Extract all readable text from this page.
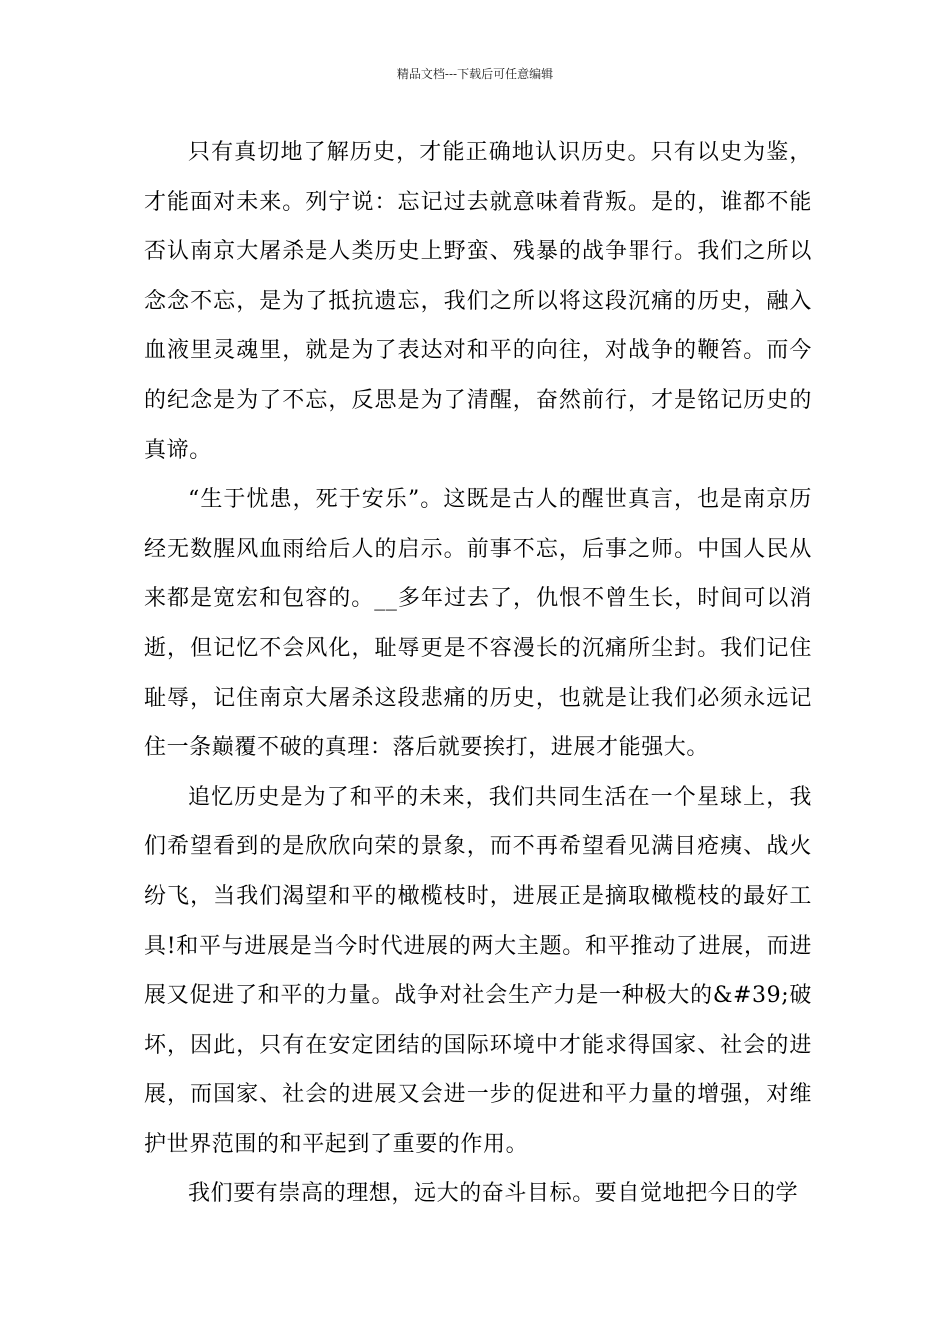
精品文档---下载后可任意编辑

只有真切地了解历史，才能正确地认识历史。只有以史为鉴，才能面对未来。列宁说：忘记过去就意味着背叛。是的，谁都不能否认南京大屠杀是人类历史上野蛮、残暴的战争罪行。我们之所以念念不忘，是为了抵抗遗忘，我们之所以将这段沉痛的历史，融入血液里灵魂里，就是为了表达对和平的向往，对战争的鞭笞。而今的纪念是为了不忘，反思是为了清醒，奋然前行，才是铭记历史的真谛。

“生于忧患，死于安乐”。这既是古人的醒世真言，也是南京历经无数腥风血雨给后人的启示。前事不忘，后事之师。中国人民从来都是宽宏和包容的。__多年过去了，仇恨不曾生长，时间可以消逝，但记忆不会风化，耻辱更是不容漫长的沉痛所尘封。我们记住耻辱，记住南京大屠杀这段悲痛的历史，也就是让我们必须永远记住一条巅覆不破的真理：落后就要挨打，进展才能强大。

追忆历史是为了和平的未来，我们共同生活在一个星球上，我们希望看到的是欣欣向荣的景象，而不再希望看见满目疮痍、战火纷飞，当我们渴望和平的橄榄枝时，进展正是摘取橄榄枝的最好工具!和平与进展是当今时代进展的两大主题。和平推动了进展，而进展又促进了和平的力量。战争对社会生产力是一种极大的&#39;破坏，因此，只有在安定团结的国际环境中才能求得国家、社会的进展，而国家、社会的进展又会进一步的促进和平力量的增强，对维护世界范围的和平起到了重要的作用。

我们要有崇高的理想，远大的奋斗目标。要自觉地把今日的学
